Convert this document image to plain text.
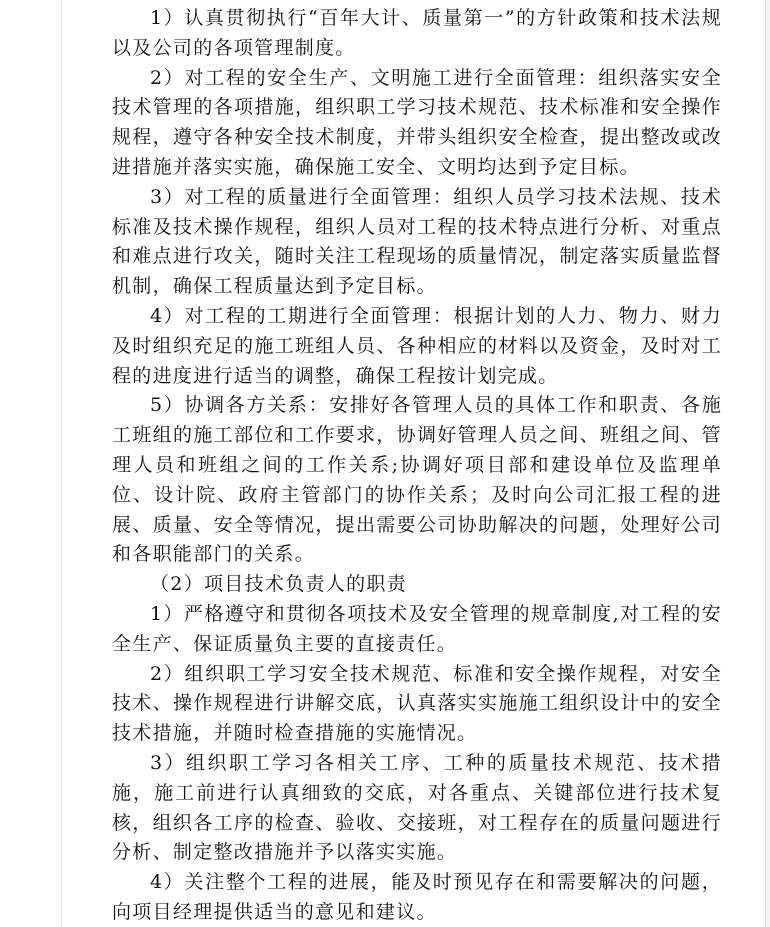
1）认真贯彻执行“百年大计、质量第一”的方针政策和技术法规以及公司的各项管理制度。

2）对工程的安全生产、文明施工进行全面管理：组织落实安全技术管理的各项措施，组织职工学习技术规范、技术标准和安全操作规程，遵守各种安全技术制度，并带头组织安全检查，提出整改或改进措施并落实实施，确保施工安全、文明均达到予定目标。

3）对工程的质量进行全面管理：组织人员学习技术法规、技术标准及技术操作规程，组织人员对工程的技术特点进行分析、对重点和难点进行攻关，随时关注工程现场的质量情况，制定落实质量监督机制，确保工程质量达到予定目标。

4）对工程的工期进行全面管理：根据计划的人力、物力、财力及时组织充足的施工班组人员、各种相应的材料以及资金，及时对工程的进度进行适当的调整，确保工程按计划完成。

5）协调各方关系：安排好各管理人员的具体工作和职责、各施工班组的施工部位和工作要求，协调好管理人员之间、班组之间、管理人员和班组之间的工作关系;协调好项目部和建设单位及监理单位、设计院、政府主管部门的协作关系；及时向公司汇报工程的进展、质量、安全等情况，提出需要公司协助解决的问题，处理好公司和各职能部门的关系。

（2）项目技术负责人的职责

1）严格遵守和贯彻各项技术及安全管理的规章制度,对工程的安全生产、保证质量负主要的直接责任。

2）组织职工学习安全技术规范、标准和安全操作规程，对安全技术、操作规程进行讲解交底，认真落实实施施工组织设计中的安全技术措施，并随时检查措施的实施情况。

3）组织职工学习各相关工序、工种的质量技术规范、技术措施，施工前进行认真细致的交底，对各重点、关键部位进行技术复核，组织各工序的检查、验收、交接班，对工程存在的质量问题进行分析、制定整改措施并予以落实实施。

4）关注整个工程的进展，能及时预见存在和需要解决的问题，向项目经理提供适当的意见和建议。
